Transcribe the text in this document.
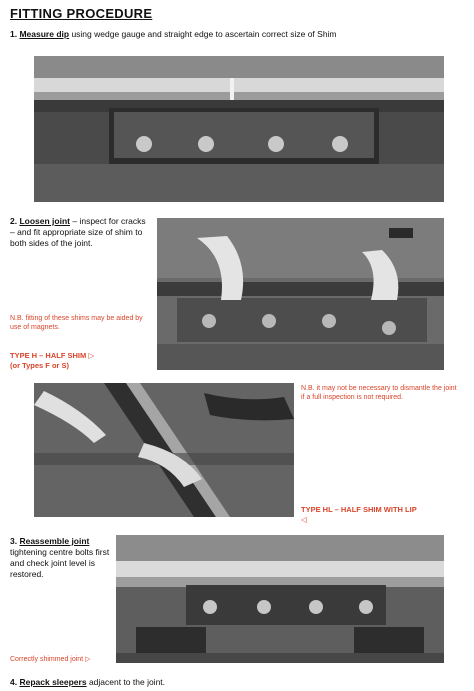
FITTING PROCEDURE
1. Measure dip using wedge gauge and straight edge to ascertain correct size of Shim
2. Loosen joint – inspect for cracks – and fit appropriate size of shim to both sides of the joint.
N.B. fitting of these shims may be aided by use of magnets.
TYPE H – HALF SHIM ▷
(or Types F or S)
N.B. it may not be necessary to dismantle the joint if a full inspection is not required.
TYPE HL – HALF SHIM WITH LIP
◁
3. Reassemble joint tightening centre bolts first and check joint level is restored.
Correctly shimmed joint ▷
4. Repack sleepers adjacent to the joint.
